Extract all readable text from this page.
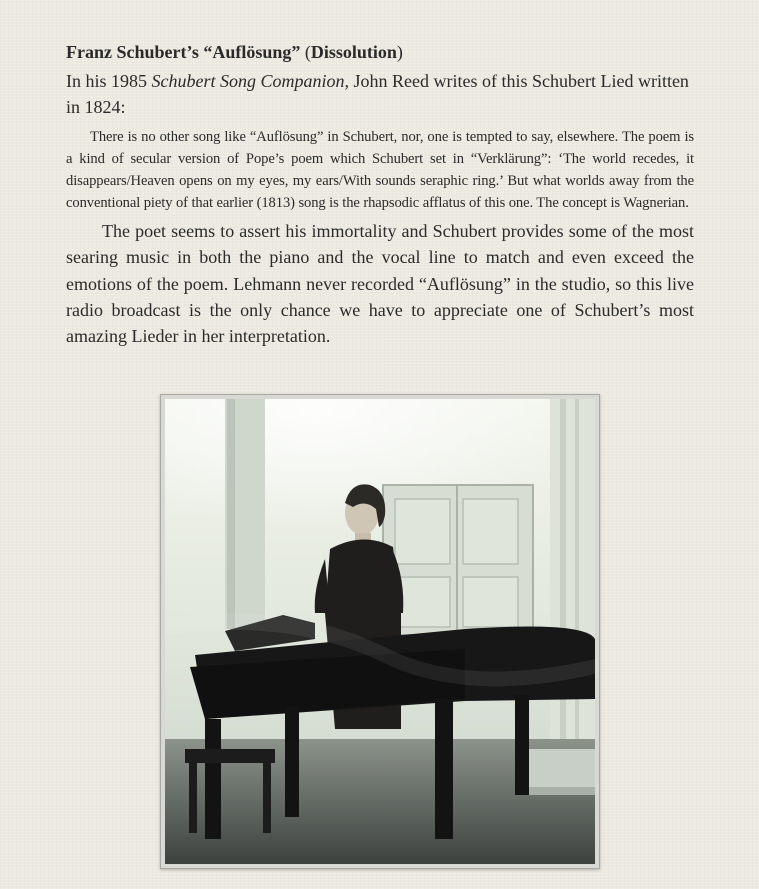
Franz Schubert’s “Auflösung” (Dissolution)

In his 1985 Schubert Song Companion, John Reed writes of this Schubert Lied written in 1824:

There is no other song like “Auflösung” in Schubert, nor, one is tempted to say, elsewhere. The poem is a kind of secular version of Pope’s poem which Schubert set in “Verklärung”: ‘The world recedes, it disappears/Heaven opens on my eyes, my ears/With sounds seraphic ring.’ But what worlds away from the conventional piety of that earlier (1813) song is the rhapsodic afflatus of this one. The concept is Wagnerian.

The poet seems to assert his immortality and Schubert provides some of the most searing music in both the piano and the vocal line to match and even exceed the emotions of the poem. Lehmann never recorded “Auflösung” in the studio, so this live radio broadcast is the only chance we have to appreciate one of Schubert’s most amazing Lieder in her interpretation.
